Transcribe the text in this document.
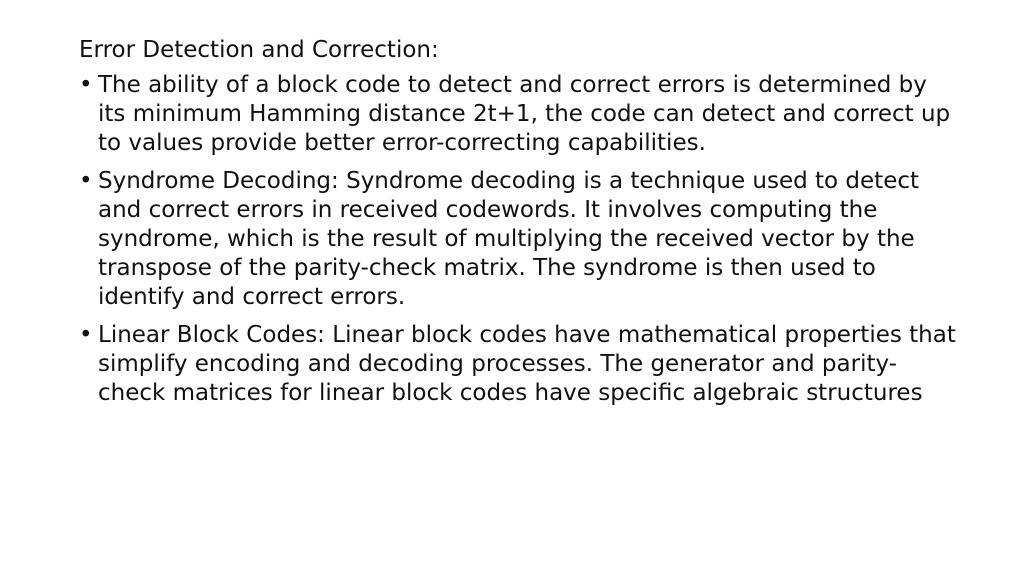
Error Detection and Correction:

• The ability of a block code to detect and correct errors is determined by its minimum Hamming distance 2t+1, the code can detect and correct up to values provide better error-correcting capabilities.
• Syndrome Decoding: Syndrome decoding is a technique used to detect and correct errors in received codewords. It involves computing the syndrome, which is the result of multiplying the received vector by the transpose of the parity-check matrix. The syndrome is then used to identify and correct errors.
• Linear Block Codes: Linear block codes have mathematical properties that simplify encoding and decoding processes. The generator and parity-check matrices for linear block codes have specific algebraic structures
